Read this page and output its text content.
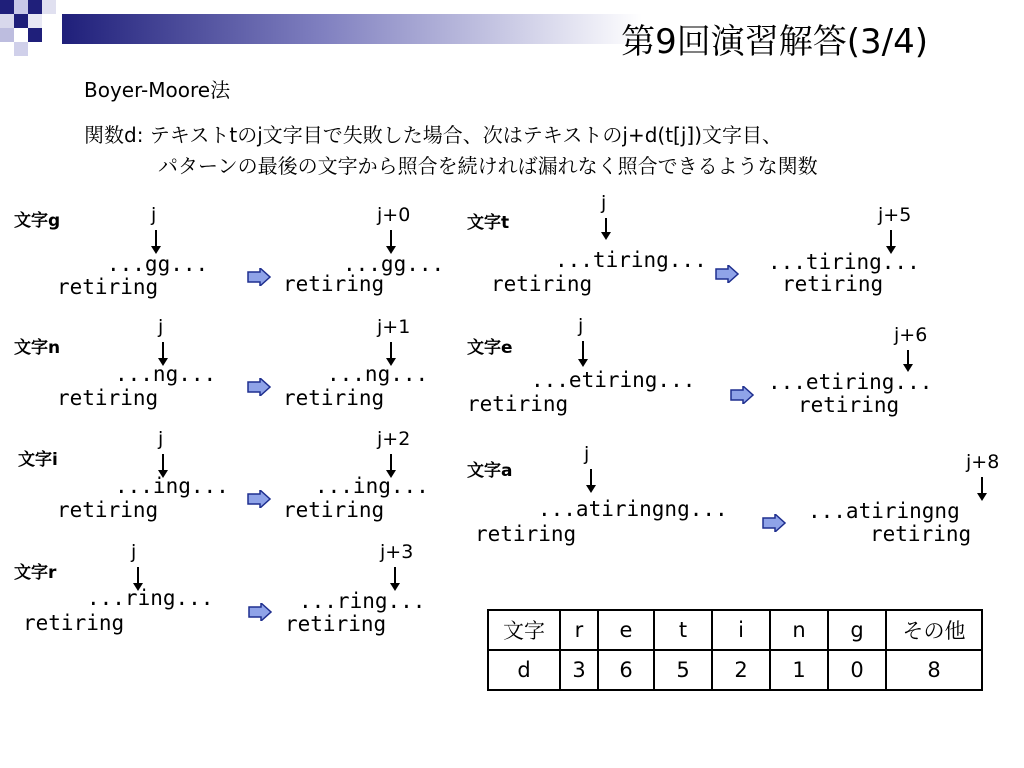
第9回演習解答(3/4)
Boyer-Moore法
関数d: テキストtのj文字目で失敗した場合、次はテキストのj+d(t[j])文字目、
パターンの最後の文字から照合を続ければ漏れなく照合できるような関数
文字g	j
...gg...
retiring
j+0
...gg...
retiring
文字n
j
...ng...
retiring
j+1
...ng...
retiring
文字i
j
...ing...
retiring
j+2
...ing...
retiring
文字r
j
...ring...
retiring
j+3
...ring...
retiring
文字t
j
...tiring...
retiring
j+5
...tiring...
retiring
文字e
j
...etiring...
retiring
j+6
...etiring...
retiring
文字a
j
...atiringng...
retiring
j+8
...atiringng
retiring
文字	r	e	t	i	n	g	その他
d	3	6	5	2	1	0	8
